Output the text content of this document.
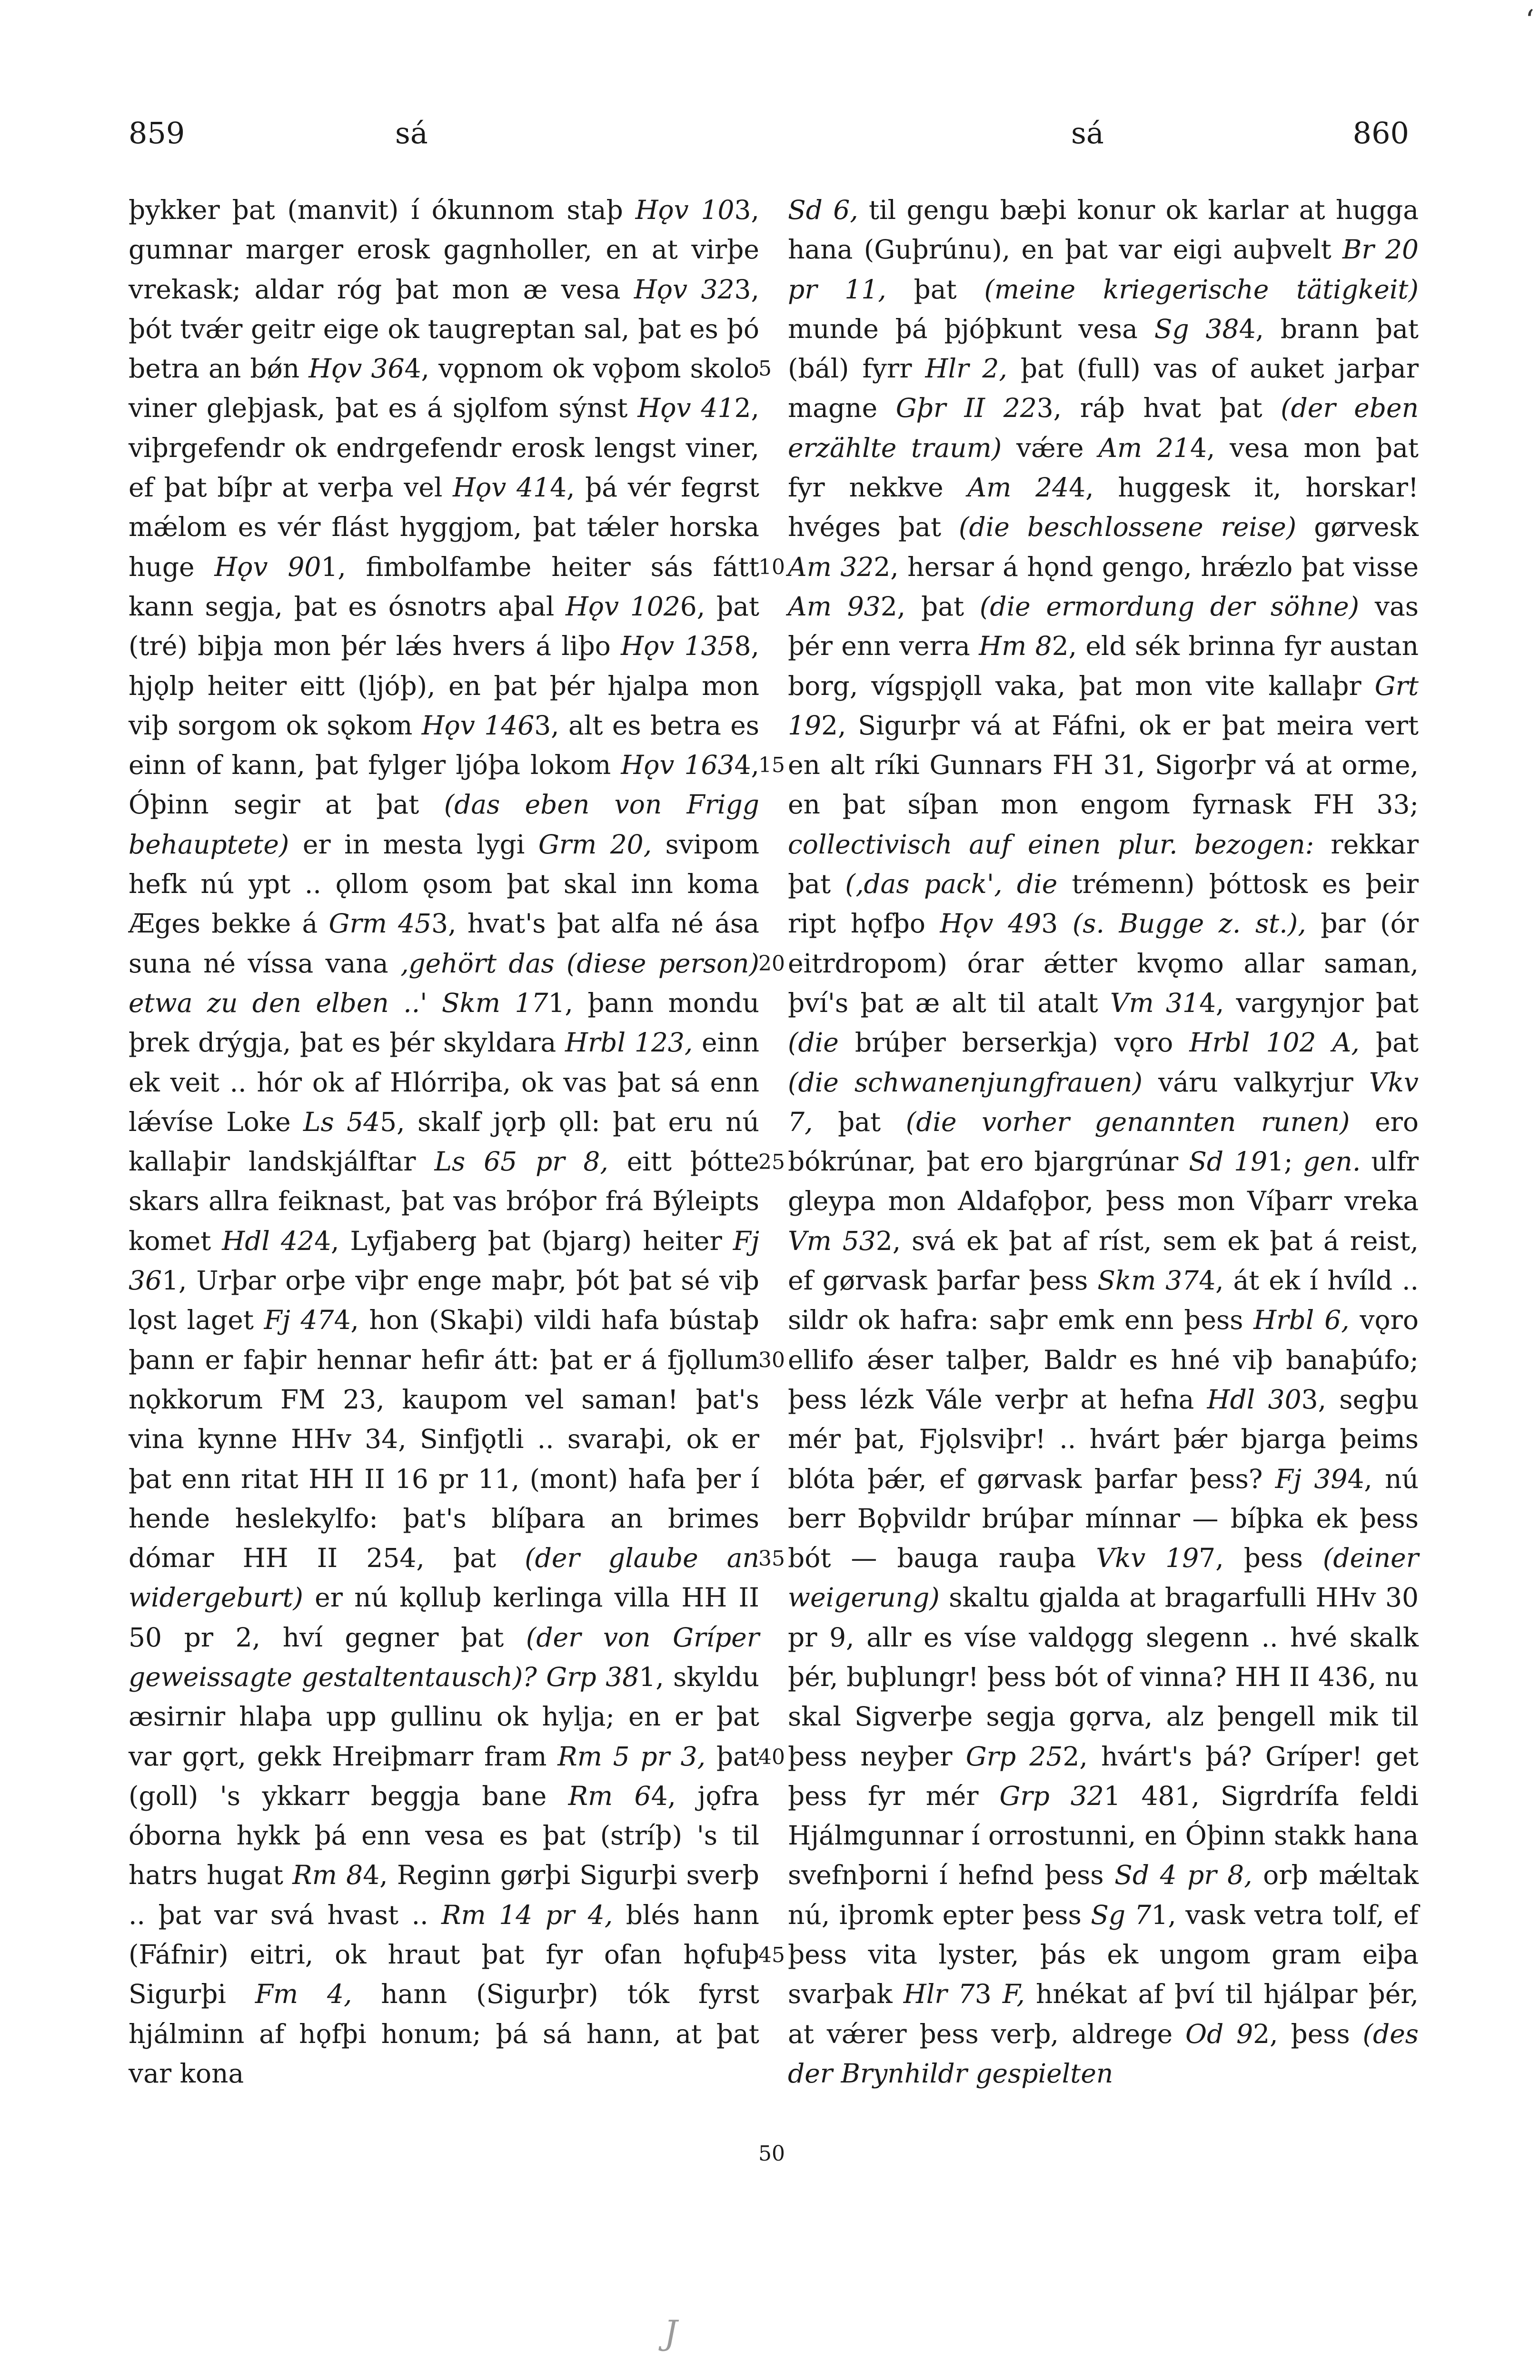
‘
859	sá	sá	860

þykker þat (manvit) í ókunnom staþ Hǫv 103, gumnar marger erosk gagnholler, en at virþe vrekask; aldar róg þat mon æ vesa Hǫv 323, þót tvǽr geitr eige ok taugreptan sal, þat es þó betra an bǿn Hǫv 364, vǫpnom ok vǫþom skolo viner gleþjask, þat es á sjǫlfom sýnst Hǫv 412, viþrgefendr ok endrgefendr erosk lengst viner, ef þat bíþr at verþa vel Hǫv 414, þá vér fegrst mǽlom es vér flást hyggjom, þat tǽler horska huge Hǫv 901, fimbolfambe heiter sás fátt kann segja, þat es ósnotrs aþal Hǫv 1026, þat (tré) biþja mon þér lǽs hvers á liþo Hǫv 1358, hjǫlp heiter eitt (ljóþ), en þat þér hjalpa mon viþ sorgom ok sǫkom Hǫv 1463, alt es betra es einn of kann, þat fylger ljóþa lokom Hǫv 1634, Óþinn segir at þat (das eben von Frigg behauptete) er in mesta lygi Grm 20, svipom hefk nú ypt .. ǫllom ǫsom þat skal inn koma Æges bekke á Grm 453, hvat's þat alfa né ása suna né víssa vana ‚gehört das (diese person) etwa zu den elben ..' Skm 171, þann mondu þrek drýgja, þat es þér skyldara Hrbl 123, einn ek veit .. hór ok af Hlórriþa, ok vas þat sá enn lǽvíse Loke Ls 545, skalf jǫrþ ǫll: þat eru nú kallaþir landskjálftar Ls 65 pr 8, eitt þótte skars allra feiknast, þat vas bróþor frá Býleipts komet Hdl 424, Lyfjaberg þat (bjarg) heiter Fj 361, Urþar orþe viþr enge maþr, þót þat sé viþ lǫst laget Fj 474, hon (Skaþi) vildi hafa bústaþ þann er faþir hennar hefir átt: þat er á fjǫllum nǫkkorum FM 23, kaupom vel saman! þat's vina kynne HHv 34, Sinfjǫtli .. svaraþi, ok er þat enn ritat HH II 16 pr 11, (mont) hafa þer í hende heslekylfo: þat's blíþara an brimes dómar HH II 254, þat (der glaube an widergeburt) er nú kǫlluþ kerlinga villa HH II 50 pr 2, hví gegner þat (der von Gríper geweissagte gestaltentausch)? Grp 381, skyldu æsirnir hlaþa upp gullinu ok hylja; en er þat var gǫrt, gekk Hreiþmarr fram Rm 5 pr 3, þat (goll) 's ykkarr beggja bane Rm 64, jǫfra óborna hykk þá enn vesa es þat (stríþ) 's til hatrs hugat Rm 84, Reginn gørþi Sigurþi sverþ .. þat var svá hvast .. Rm 14 pr 4, blés hann (Fáfnir) eitri, ok hraut þat fyr ofan hǫfuþ Sigurþi Fm 4, hann (Sigurþr) tók fyrst hjálminn af hǫfþi honum; þá sá hann, at þat var kona

Sd 6, til gengu bæþi konur ok karlar at hugga hana (Guþrúnu), en þat var eigi auþvelt Br 20 pr 11, þat (meine kriegerische tätigkeit) munde þá þjóþkunt vesa Sg 384, brann þat (bál) fyrr Hlr 2, þat (full) vas of auket jarþar magne Gþr II 223, ráþ hvat þat (der eben erzählte traum) vǽre Am 214, vesa mon þat fyr nekkve Am 244, huggesk it, horskar! hvéges þat (die beschlossene reise) gørvesk Am 322, hersar á hǫnd gengo, hrǽzlo þat visse Am 932, þat (die ermordung der söhne) vas þér enn verra Hm 82, eld sék brinna fyr austan borg, vígspjǫll vaka, þat mon vite kallaþr Grt 192, Sigurþr vá at Fáfni, ok er þat meira vert en alt ríki Gunnars FH 31, Sigorþr vá at orme, en þat síþan mon engom fyrnask FH 33; collectivisch auf einen plur. bezogen: rekkar þat (‚das pack', die trémenn) þóttosk es þeir ript hǫfþo Hǫv 493 (s. Bugge z. st.), þar (ór eitrdropom) órar ǽtter kvǫmo allar saman, því's þat æ alt til atalt Vm 314, vargynjor þat (die brúþer berserkja) vǫro Hrbl 102 A, þat (die schwanenjungfrauen) váru valkyrjur Vkv 7, þat (die vorher genannten runen) ero bókrúnar, þat ero bjargrúnar Sd 191; gen. ulfr gleypa mon Aldafǫþor, þess mon Víþarr vreka Vm 532, svá ek þat af ríst, sem ek þat á reist, ef gørvask þarfar þess Skm 374, át ek í hvíld .. sildr ok hafra: saþr emk enn þess Hrbl 6, vǫro ellifo ǽser talþer, Baldr es hné viþ banaþúfo; þess lézk Vále verþr at hefna Hdl 303, segþu mér þat, Fjǫlsviþr! .. hvárt þǽr bjarga þeims blóta þǽr, ef gørvask þarfar þess? Fj 394, nú berr Bǫþvildr brúþar mínnar — bíþka ek þess bót — bauga rauþa Vkv 197, þess (deiner weigerung) skaltu gjalda at bragarfulli HHv 30 pr 9, allr es víse valdǫgg slegenn .. hvé skalk þér, buþlungr! þess bót of vinna? HH II 436, nu skal Sigverþe segja gǫrva, alz þengell mik til þess neyþer Grp 252, hvárt's þá? Gríper! get þess fyr mér Grp 321 481, Sigrdrífa feldi Hjálmgunnar í orrostunni, en Óþinn stakk hana svefnþorni í hefnd þess Sd 4 pr 8, orþ mǽltak nú, iþromk epter þess Sg 71, vask vetra tolf, ef þess vita lyster, þás ek ungom gram eiþa svarþak Hlr 73 F, hnékat af því til hjálpar þér, at vǽrer þess verþ, aldrege Od 92, þess (des der Brynhildr gespielten

5
10
15
20
25
30
35
40
45
50
J
